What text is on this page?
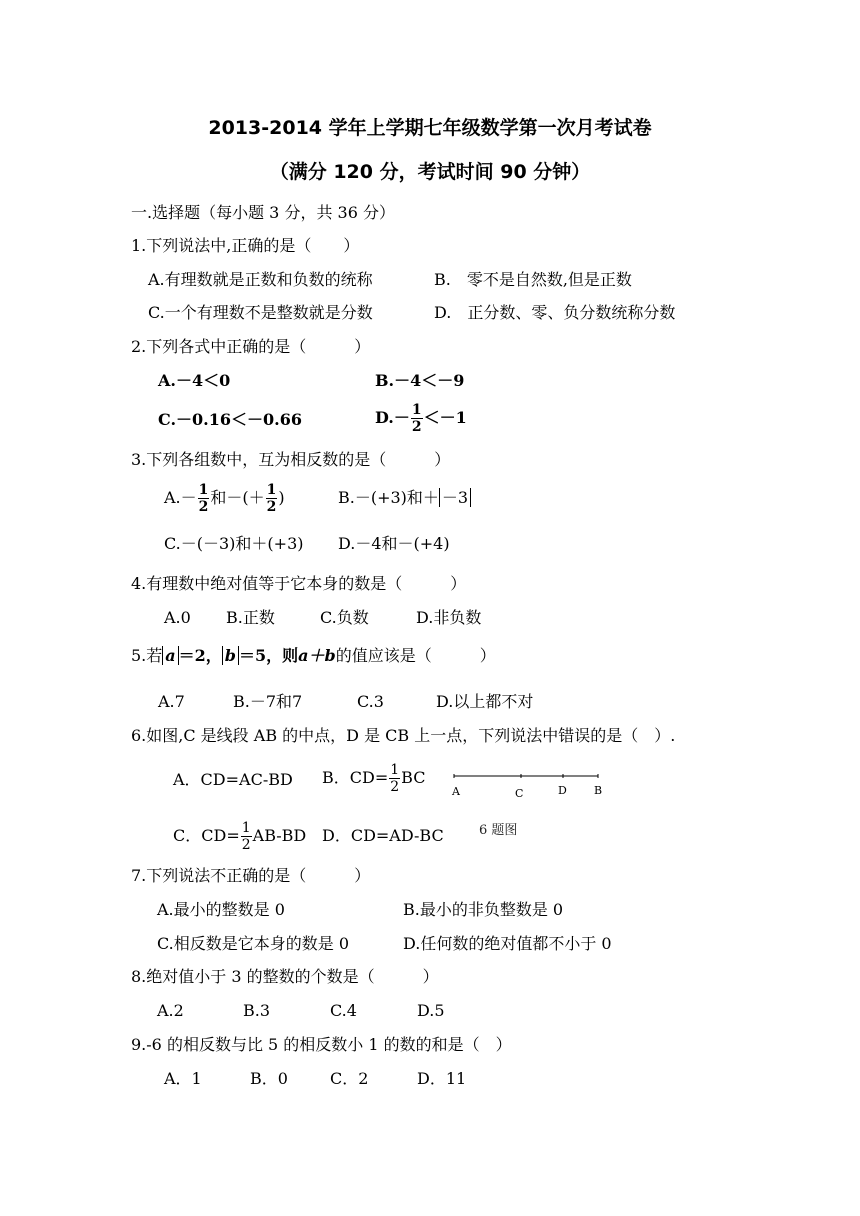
2013-2014 学年上学期七年级数学第一次月考试卷
（满分 120 分，考试时间 90 分钟）
一.选择题（每小题 3 分，共 36 分）
1.下列说法中,正确的是（　　）
A.有理数就是正数和负数的统称	B.　零不是自然数,但是正数
C.一个有理数不是整数就是分数	D.　正分数、零、负分数统称分数
2.下列各式中正确的是（　　　）
A.－4＜0	B.－4＜－9
C.－0.16＜－0.66	$D.- \frac{1}{2} <-1$
3.下列各组数中，互为相反数的是（　　　）
$A.- \frac{1}{2}$ 和－(＋ $\frac{1}{2}$ )	B.－(+3)和＋ －3
C.－(－3)和＋(+3) D.－4和－(+4)
4.有理数中绝对值等于它本身的数是（　　　）
A.0 B.正数	C.负数	D.非负数
5.若 a ＝2， b ＝5，则a＋b的值应该是（　　　）
A.7	B.－7和7	C.3	D.以上都不对
6.如图,C 是线段 AB 的中点，D 是 CB 上一点，下列说法中错误的是（　）.
A．CD=AC-BD B．$CD= \frac{1}{2}$ BC
C．$CD= \frac{1}{2} AB-BD$ D．CD=AD-BC
A	C	D B
6 题图
7.下列说法不正确的是（　　　）
A.最小的整数是 0	B.最小的非负整数是 0
C.相反数是它本身的数是 0	D.任何数的绝对值都不小于 0
8.绝对值小于 3 的整数的个数是（　　　）
A.2	B.3	C.4	D.5
9.-6 的相反数与比 5 的相反数小 1 的数的和是（　）
A．1	B．0	C．2	D．11
